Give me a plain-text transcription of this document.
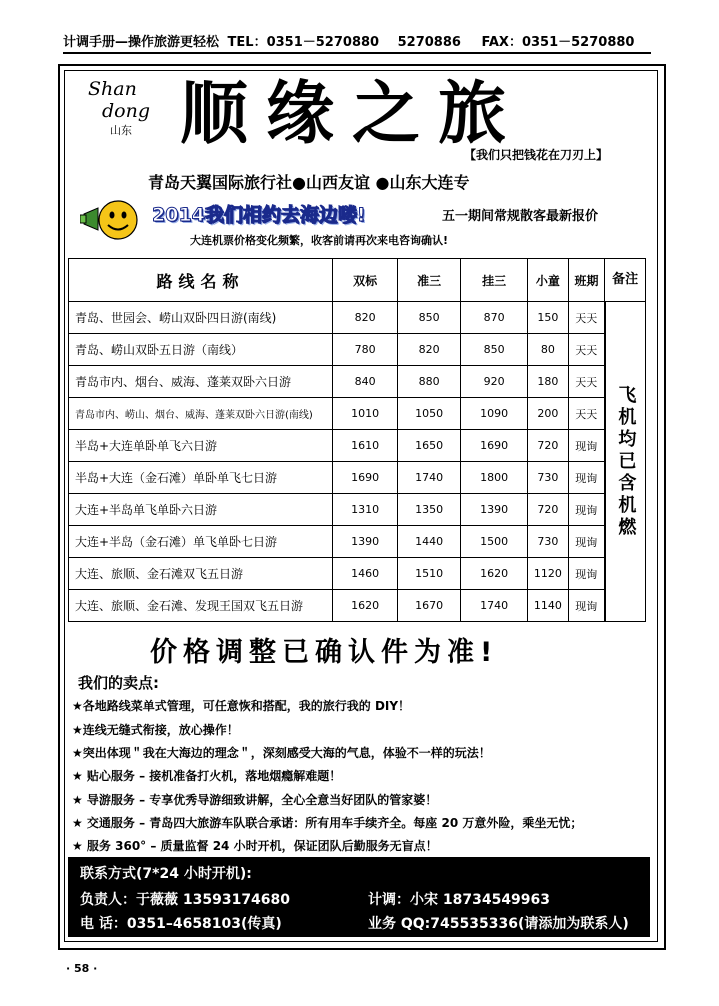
计调手册—操作旅游更轻松 TEL：0351－5270880 5270886 FAX：0351－5270880
Shan
dong
山东 顺缘之旅
【我们只把钱花在刀刃上】
青岛天翼国际旅行社●山西友谊 ●山东大连专
2014我们相约去海边喽!	五一期间常规散客最新报价
大连机票价格变化频繁，收客前请再次来电咨询确认!
路线名称	双标	准三	挂三	小童	班期	备注
青岛、世园会、崂山双卧四日游(南线)	820	850	870	150	天天	飞机均已含机燃
青岛、崂山双卧五日游（南线）	780	820	850	80	天天	
青岛市内、烟台、威海、蓬莱双卧六日游	840	880	920	180	天天	
青岛市内、崂山、烟台、威海、蓬莱双卧六日游(南线)	1010	1050	1090	200	天天	
半岛+大连单卧单飞六日游	1610	1650	1690	720	现询	
半岛+大连（金石滩）单卧单飞七日游	1690	1740	1800	730	现询	
大连+半岛单飞单卧六日游	1310	1350	1390	720	现询	
大连+半岛（金石滩）单飞单卧七日游	1390	1440	1500	730	现询	
大连、旅顺、金石滩双飞五日游	1460	1510	1620	1120	现询	
大连、旅顺、金石滩、发现王国双飞五日游	1620	1670	1740	1140	现询	
价格调整已确认件为准!
我们的卖点:
★各地路线菜单式管理，可任意恢和搭配，我的旅行我的 DIY！
★连线无缝式衔接，放心操作！
★突出体现＂我在大海边的理念＂，深刻感受大海的气息，体验不一样的玩法！
★ 贴心服务 – 接机准备打火机，落地烟瘾解难题！
★ 导游服务 – 专享优秀导游细致讲解，全心全意当好团队的管家婆！
★ 交通服务 – 青岛四大旅游车队联合承诺：所有用车手续齐全。每座 20 万意外险，乘坐无忧；
★ 服务 360° – 质量监督 24 小时开机，保证团队后勤服务无盲点！
联系方式(7*24 小时开机):
负责人：于薇薇 13593174680	计调：小宋 18734549963
电 话：0351–4658103(传真)	业务 QQ:745535336(请添加为联系人)
· 58 ·
